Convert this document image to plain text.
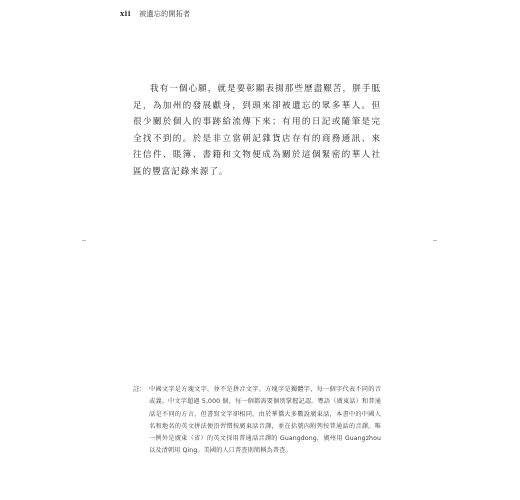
xii 被遺忘的開拓者

我有一個心願，就是要彰顯表揚那些歷盡艱苦，胼手胝足，為加州的發展獻身，到頭來卻被遺忘的眾多華人。但很少關於個人的事跡給流傳下來；有用的日記或隨筆是完全找不到的。於是非立當朝記雜貨店存有的商務通訊、來往信件、賬簿、書籍和文物便成為關於這個緊密的華人社區的豐富記錄來源了。

註： 中國文字是方塊文字，並不是拼音文字。方塊字是獨體字，每一個字代表不同的音或義。中文字超過 5,000 個，每一個都需要個別掌握記認。粵語（廣東話）和普通話是不同的方言，但書寫文字卻相同。由於華僑大多數說廣東話，本書中的中國人名和地名的英文拼法便沿習慣按廣東話音譯，並在括號內附列按普通話的音譯。唯一例外是廣東（省）的英文採用普通話音譯的 Guangdong，廣州用 Guangzhou 以及清朝用 Qing。美國的人口普查則簡稱為普查。
